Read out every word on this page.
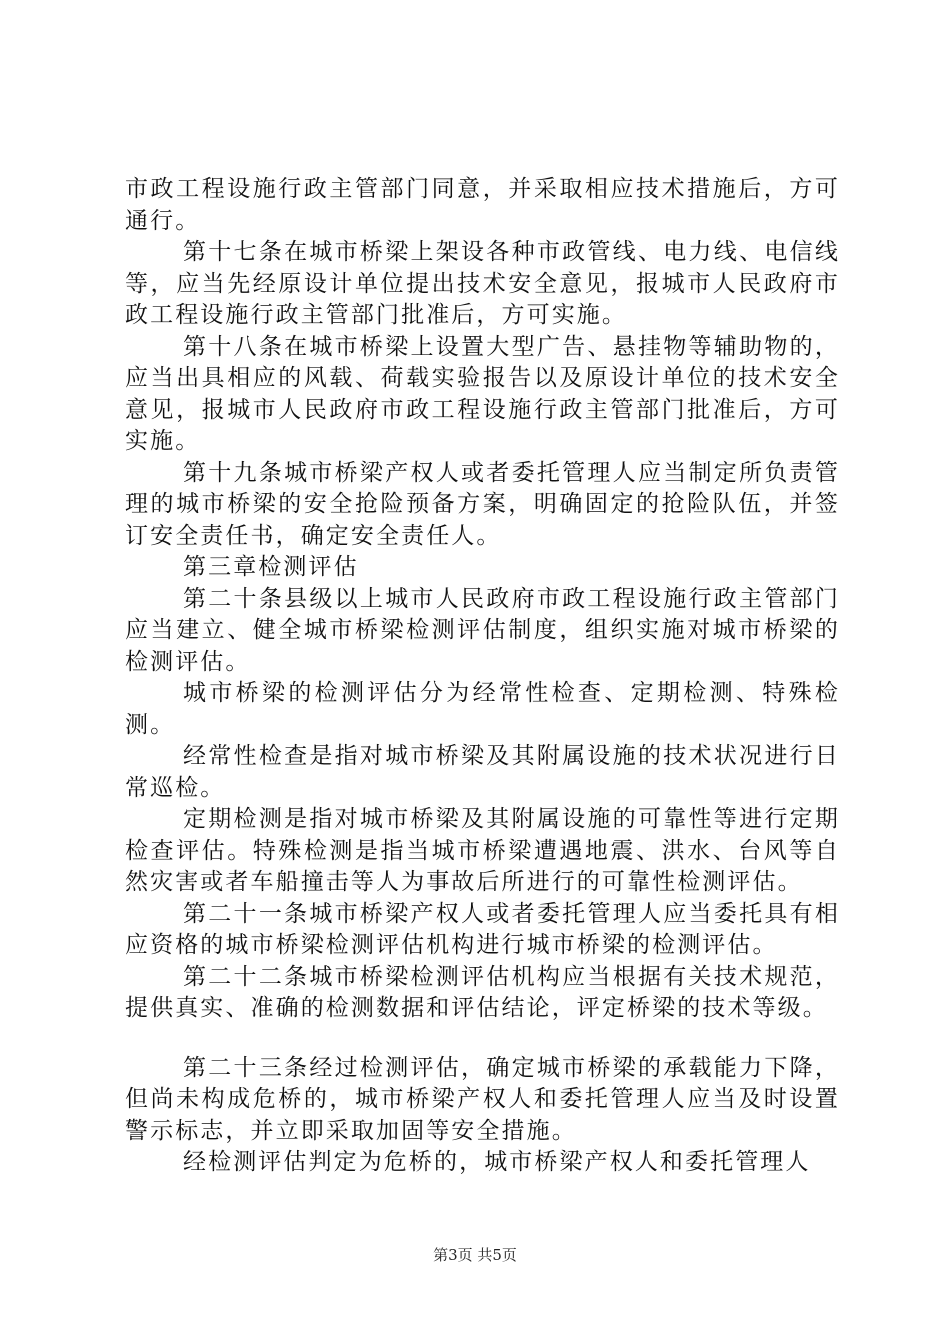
市政工程设施行政主管部门同意，并采取相应技术措施后，方可通行。

第十七条在城市桥梁上架设各种市政管线、电力线、电信线等，应当先经原设计单位提出技术安全意见，报城市人民政府市政工程设施行政主管部门批准后，方可实施。

第十八条在城市桥梁上设置大型广告、悬挂物等辅助物的，应当出具相应的风载、荷载实验报告以及原设计单位的技术安全意见，报城市人民政府市政工程设施行政主管部门批准后，方可实施。

第十九条城市桥梁产权人或者委托管理人应当制定所负责管理的城市桥梁的安全抢险预备方案，明确固定的抢险队伍，并签订安全责任书，确定安全责任人。

第三章检测评估

第二十条县级以上城市人民政府市政工程设施行政主管部门应当建立、健全城市桥梁检测评估制度，组织实施对城市桥梁的检测评估。

城市桥梁的检测评估分为经常性检查、定期检测、特殊检测。

经常性检查是指对城市桥梁及其附属设施的技术状况进行日常巡检。

定期检测是指对城市桥梁及其附属设施的可靠性等进行定期检查评估。特殊检测是指当城市桥梁遭遇地震、洪水、台风等自然灾害或者车船撞击等人为事故后所进行的可靠性检测评估。

第二十一条城市桥梁产权人或者委托管理人应当委托具有相应资格的城市桥梁检测评估机构进行城市桥梁的检测评估。

第二十二条城市桥梁检测评估机构应当根据有关技术规范，提供真实、准确的检测数据和评估结论，评定桥梁的技术等级。

第二十三条经过检测评估，确定城市桥梁的承载能力下降，但尚未构成危桥的，城市桥梁产权人和委托管理人应当及时设置警示标志，并立即采取加固等安全措施。

经检测评估判定为危桥的，城市桥梁产权人和委托管理人

第3页 共5页
